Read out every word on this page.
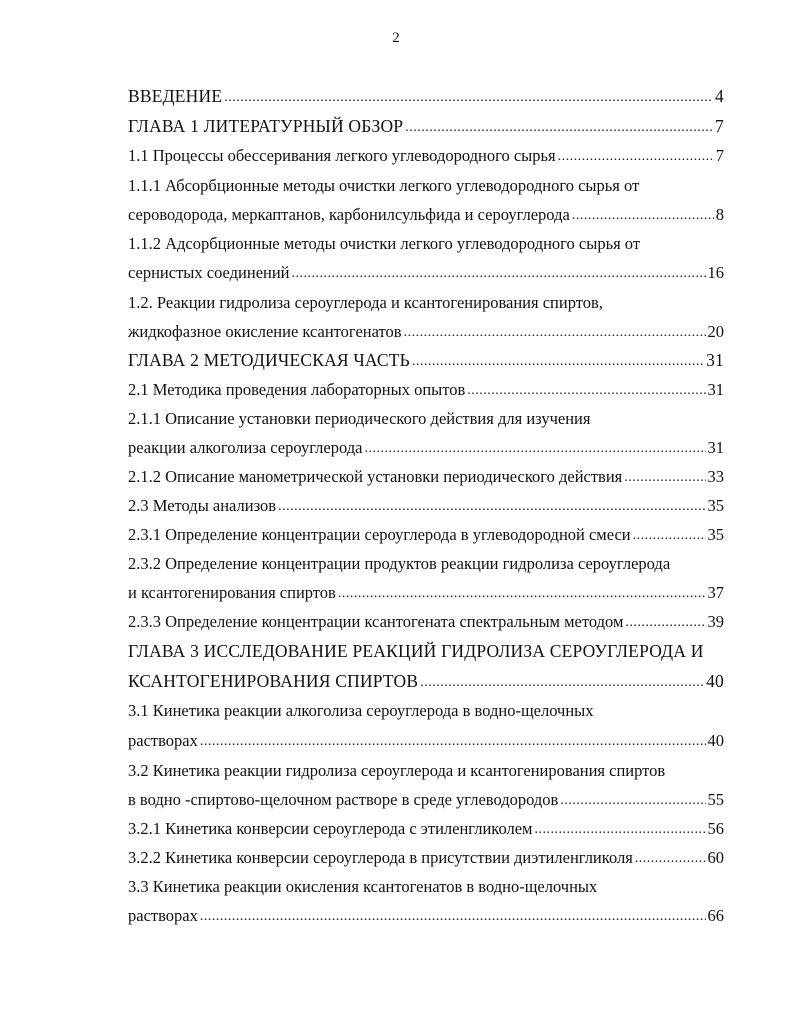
2
ВВЕДЕНИЕ .....	4
ГЛАВА 1 ЛИТЕРАТУРНЫЙ ОБЗОР .....	7
1.1 Процессы обессеривания легкого углеводородного сырья .....	7
1.1.1 Абсорбционные методы очистки легкого углеводородного сырья от
сероводорода, меркаптанов, карбонилсульфида и сероуглерода .....	8
1.1.2 Адсорбционные методы очистки легкого углеводородного сырья от
сернистых соединений .....	16
1.2. Реакции гидролиза сероуглерода и ксантогенирования спиртов,
жидкофазное окисление ксантогенатов .....	20
ГЛАВА 2 МЕТОДИЧЕСКАЯ ЧАСТЬ .....	31
2.1 Методика проведения лабораторных опытов .....	31
2.1.1 Описание установки периодического действия для изучения
реакции алкоголиза сероуглерода .....	31
2.1.2 Описание манометрической установки периодического действия .....	33
2.3 Методы анализов .....	35
2.3.1 Определение концентрации сероуглерода в углеводородной смеси .....	35
2.3.2 Определение концентрации продуктов реакции гидролиза сероуглерода
и ксантогенирования спиртов .....	37
2.3.3 Определение концентрации ксантогената спектральным методом .....	39
ГЛАВА 3 ИССЛЕДОВАНИЕ РЕАКЦИЙ ГИДРОЛИЗА СЕРОУГЛЕРОДА И
КСАНТОГЕНИРОВАНИЯ СПИРТОВ .....	40
3.1 Кинетика реакции алкоголиза сероуглерода в водно-щелочных
растворах .....	40
3.2 Кинетика реакции гидролиза сероуглерода и ксантогенирования спиртов
в водно -спиртово-щелочном растворе в среде углеводородов .....	55
3.2.1 Кинетика конверсии сероуглерода с этиленгликолем .....	56
3.2.2 Кинетика конверсии сероуглерода в присутствии диэтиленгликоля .....	60
3.3 Кинетика реакции окисления ксантогенатов в водно-щелочных
растворах .....	66
